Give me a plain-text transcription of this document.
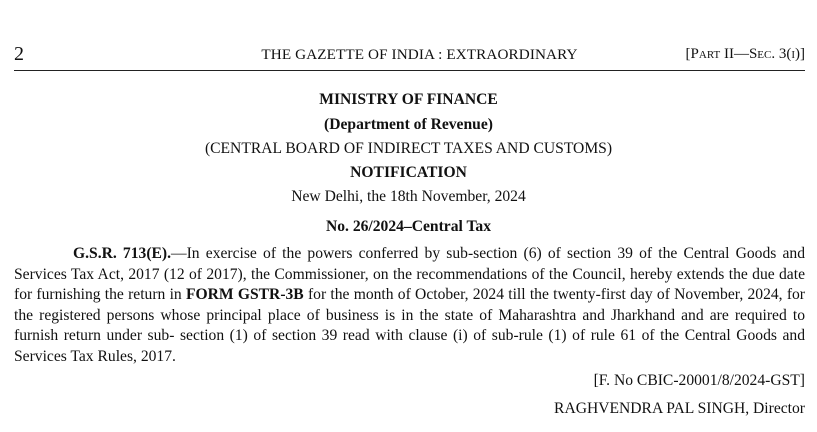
2	THE GAZETTE OF INDIA : EXTRAORDINARY	[Part II—Sec. 3(i)]
MINISTRY OF FINANCE
(Department of Revenue)
(CENTRAL BOARD OF INDIRECT TAXES AND CUSTOMS)
NOTIFICATION
New Delhi, the 18th November, 2024
No. 26/2024–Central Tax
G.S.R. 713(E).—In exercise of the powers conferred by sub-section (6) of section 39 of the Central Goods and Services Tax Act, 2017 (12 of 2017), the Commissioner, on the recommendations of the Council, hereby extends the due date for furnishing the return in FORM GSTR-3B for the month of October, 2024 till the twenty-first day of November, 2024, for the registered persons whose principal place of business is in the state of Maharashtra and Jharkhand and are required to furnish return under sub- section (1) of section 39 read with clause (i) of sub-rule (1) of rule 61 of the Central Goods and Services Tax Rules, 2017.
[F. No CBIC-20001/8/2024-GST]
RAGHVENDRA PAL SINGH, Director
